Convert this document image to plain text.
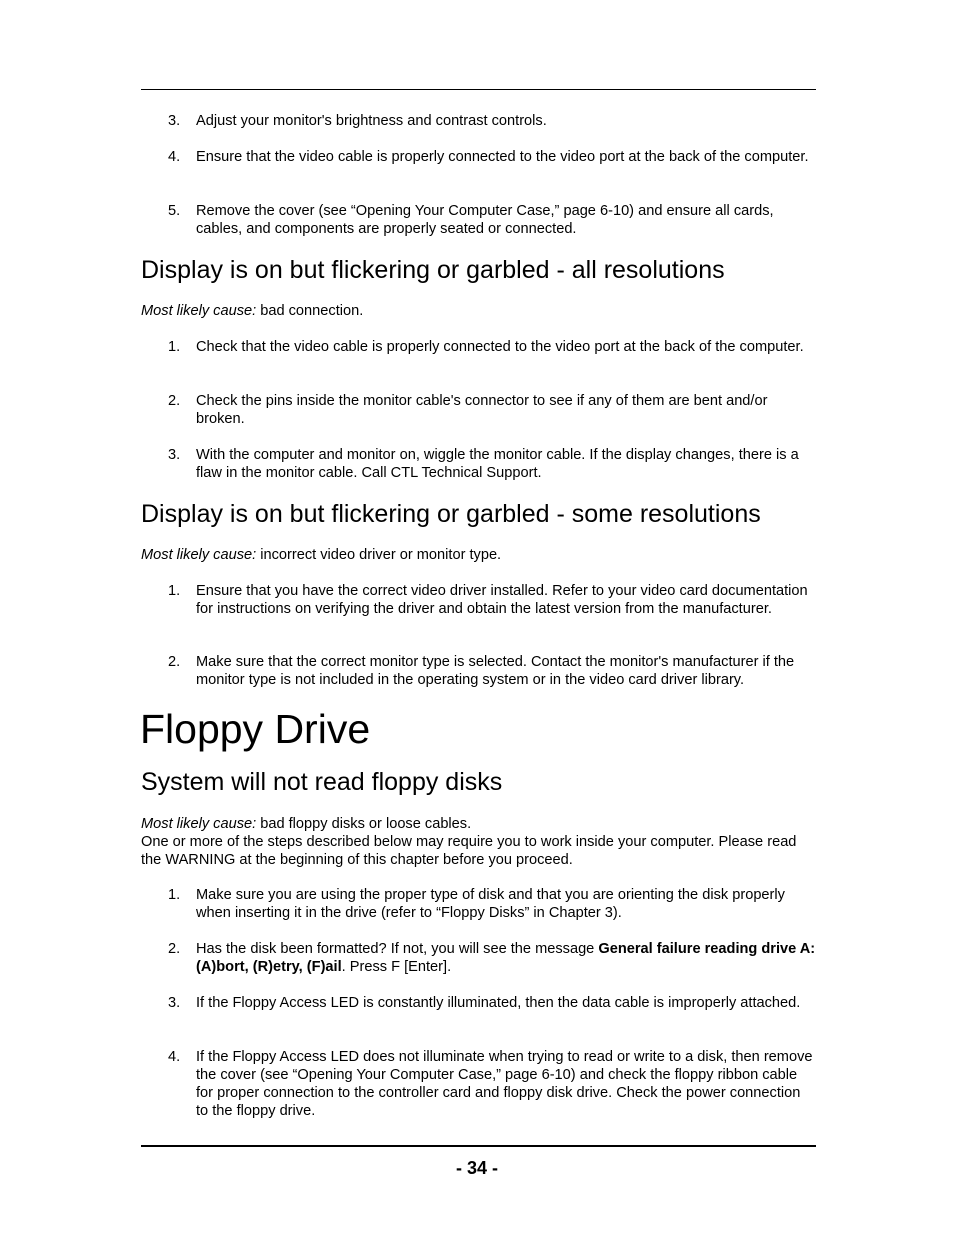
3. Adjust your monitor's brightness and contrast controls.
4. Ensure that the video cable is properly connected to the video port at the back of the computer.
5. Remove the cover (see “Opening Your Computer Case,” page 6-10) and ensure all cards, cables, and components are properly seated or connected.
Display is on but flickering or garbled - all resolutions
Most likely cause: bad connection.
1. Check that the video cable is properly connected to the video port at the back of the computer.
2. Check the pins inside the monitor cable's connector to see if any of them are bent and/or broken.
3. With the computer and monitor on, wiggle the monitor cable. If the display changes, there is a flaw in the monitor cable. Call CTL Technical Support.
Display is on but flickering or garbled - some resolutions
Most likely cause: incorrect video driver or monitor type.
1. Ensure that you have the correct video driver installed. Refer to your video card documentation for instructions on verifying the driver and obtain the latest version from the manufacturer.
2. Make sure that the correct monitor type is selected. Contact the monitor's manufacturer if the monitor type is not included in the operating system or in the video card driver library.
Floppy Drive
System will not read floppy disks
Most likely cause: bad floppy disks or loose cables.
One or more of the steps described below may require you to work inside your computer. Please read the WARNING at the beginning of this chapter before you proceed.
1. Make sure you are using the proper type of disk and that you are orienting the disk properly when inserting it in the drive (refer to “Floppy Disks” in Chapter 3).
2. Has the disk been formatted? If not, you will see the message General failure reading drive A: (A)bort, (R)etry, (F)ail. Press F [Enter].
3. If the Floppy Access LED is constantly illuminated, then the data cable is improperly attached.
4. If the Floppy Access LED does not illuminate when trying to read or write to a disk, then remove the cover (see “Opening Your Computer Case,” page 6-10) and check the floppy ribbon cable for proper connection to the controller card and floppy disk drive. Check the power connection to the floppy drive.
- 34 -
